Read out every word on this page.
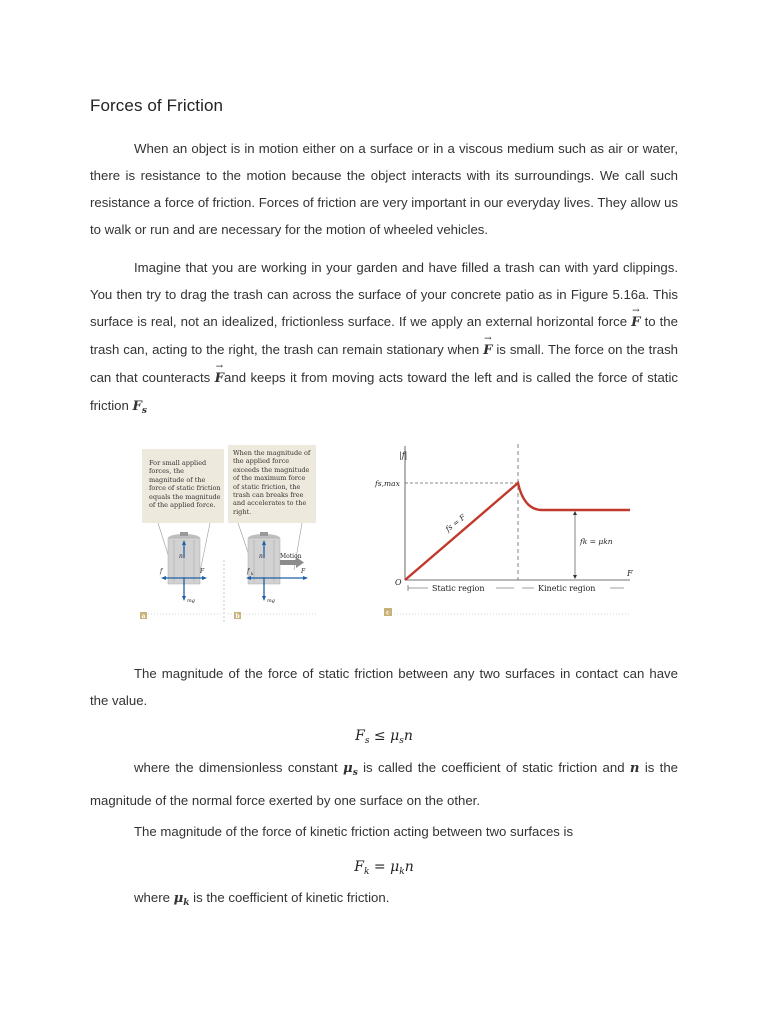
Forces of Friction

When an object is in motion either on a surface or in a viscous medium such as air or water, there is resistance to the motion because the object interacts with its surroundings. We call such resistance a force of friction. Forces of friction are very important in our everyday lives. They allow us to walk or run and are necessary for the motion of wheeled vehicles.

Imagine that you are working in your garden and have filled a trash can with yard clippings. You then try to drag the trash can across the surface of your concrete patio as in Figure 5.16a. This surface is real, not an idealized, frictionless surface. If we apply an external horizontal force → F to the trash can, acting to the right, the trash can remain stationary when → F is small. The force on the trash can that counteracts → Fand keeps it from moving acts toward the left and is called the force of static friction $F_s$

n
f	F
mg
Motion
n
f k	F
mg
a	b
|f|
fs,max
fs = F
fk = μkn
O
F
Static region	Kinetic region
c
For small applied forces, the magnitude of the force of static friction equals the magnitude of the applied force.
When the magnitude of the applied force exceeds the magnitude of the maximum force of static friction, the trash can breaks free and accelerates to the right.

The magnitude of the force of static friction between any two surfaces in contact can have the value.

$F_s \le \mu_sn$

where the dimensionless constant $\mu_s$ is called the coefficient of static friction and n is the magnitude of the normal force exerted by one surface on the other.

The magnitude of the force of kinetic friction acting between two surfaces is

$F_k = \mu_kn$

where $\mu_k$ is the coefficient of kinetic friction.
